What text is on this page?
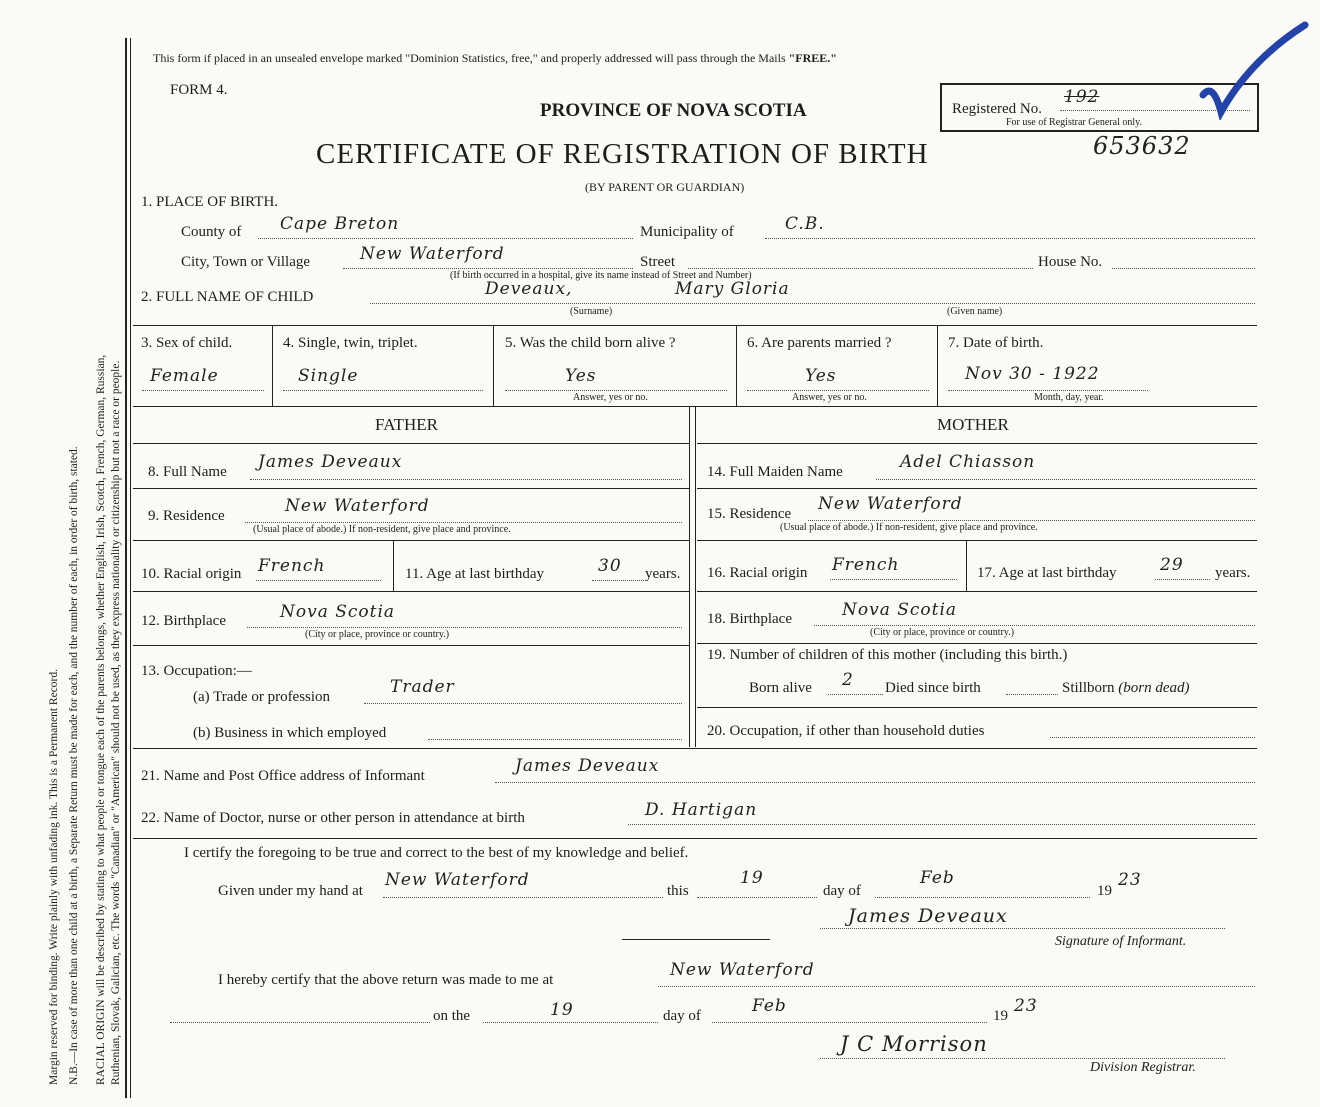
Margin reserved for binding. Write plainly with unfading ink. This is a Permanent Record. N.B.—In case of more than one child at a birth, a Separate Return must be made for each, and the number of each, in order of birth, stated. RACIAL ORIGIN will be described by stating to what people or tongue each of the parents belongs, whether English, Irish, Scotch, French, German, Russian, Ruthenian, Slovak, Galician, etc. The words "Canadian" or "American" should not be used, as they express nationality or citizenship but not a race or people.
This form if placed in an unsealed envelope marked "Dominion Statistics, free," and properly addressed will pass through the Mails "FREE."
FORM 4.
PROVINCE OF NOVA SCOTIA
CERTIFICATE OF REGISTRATION OF BIRTH
(BY PARENT OR GUARDIAN)
Registered No.
192
For use of Registrar General only.
653632
1. PLACE OF BIRTH.
County of Cape Breton	Municipality of	C.B.
City, Town or Village	New Waterford	Street	House No.
(If birth occurred in a hospital, give its name instead of Street and Number)
2. FULL NAME OF CHILD	Deveaux,	Mary Gloria
(Surname)	(Given name)
3. Sex of child.
Female
4. Single, twin, triplet.
Single
5. Was the child born alive ?
Yes
Answer, yes or no.
6. Are parents married ?
Yes
Answer, yes or no.
7. Date of birth.
Nov 30 - 1922
Month, day, year.
FATHER	MOTHER
8. Full Name James Deveaux
9. Residence	New Waterford
(Usual place of abode.) If non-resident, give place and province.
10. Racial origin French	11. Age at last birthday	30 years.
12. Birthplace	Nova Scotia
(City or place, province or country.)
13. Occupation:—
(a) Trade or profession	Trader
(b) Business in which employed
14. Full Maiden Name	Adel Chiasson
15. Residence New Waterford
(Usual place of abode.) If non-resident, give place and province.
16. Racial origin French	17. Age at last birthday	29 years.
18. Birthplace	Nova Scotia
(City or place, province or country.)
19. Number of children of this mother (including this birth.)
Born alive 2 Died since birth	Stillborn (born dead)
20. Occupation, if other than household duties
21. Name and Post Office address of Informant	James Deveaux
22. Name of Doctor, nurse or other person in attendance at birth	D. Hartigan
I certify the foregoing to be true and correct to the best of my knowledge and belief.
Given under my hand at
New Waterford
this
19
day of
Feb
19
23
James Deveaux
Signature of Informant.
I hereby certify that the above return was made to me at	New Waterford
on the	19	day of	Feb	19 23
J C Morrison
Division Registrar.
